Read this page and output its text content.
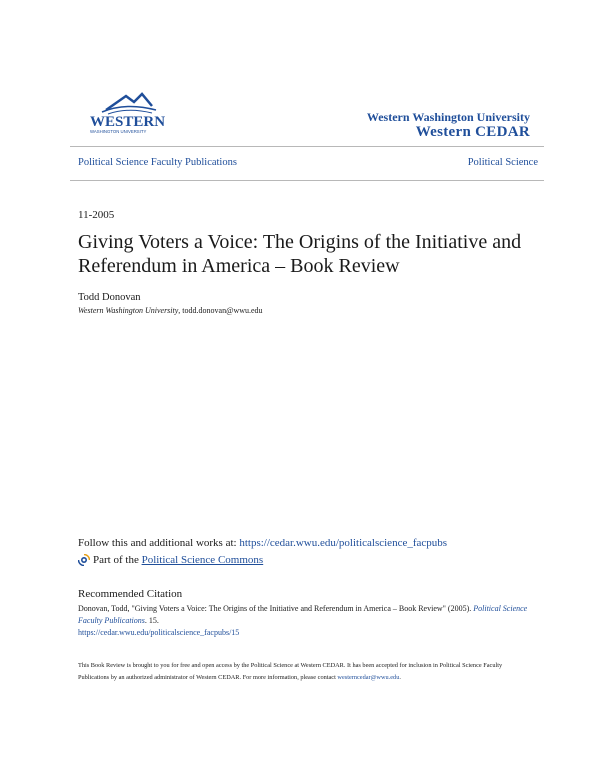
WESTERN
WASHINGTON UNIVERSITY
Western Washington University
Western CEDAR
Political Science Faculty Publications	Political Science
11-2005
Giving Voters a Voice: The Origins of the Initiative and Referendum in America – Book Review
Todd Donovan
Western Washington University, todd.donovan@wwu.edu
Follow this and additional works at: https://cedar.wwu.edu/politicalscience_facpubs
Part of the
Political Science Commons
Recommended Citation
Donovan, Todd, "Giving Voters a Voice: The Origins of the Initiative and Referendum in America – Book Review" (2005). Political Science Faculty Publications. 15.
https://cedar.wwu.edu/politicalscience_facpubs/15
This Book Review is brought to you for free and open access by the Political Science at Western CEDAR. It has been accepted for inclusion in Political Science Faculty Publications by an authorized administrator of Western CEDAR. For more information, please contact westerncedar@wwu.edu.
